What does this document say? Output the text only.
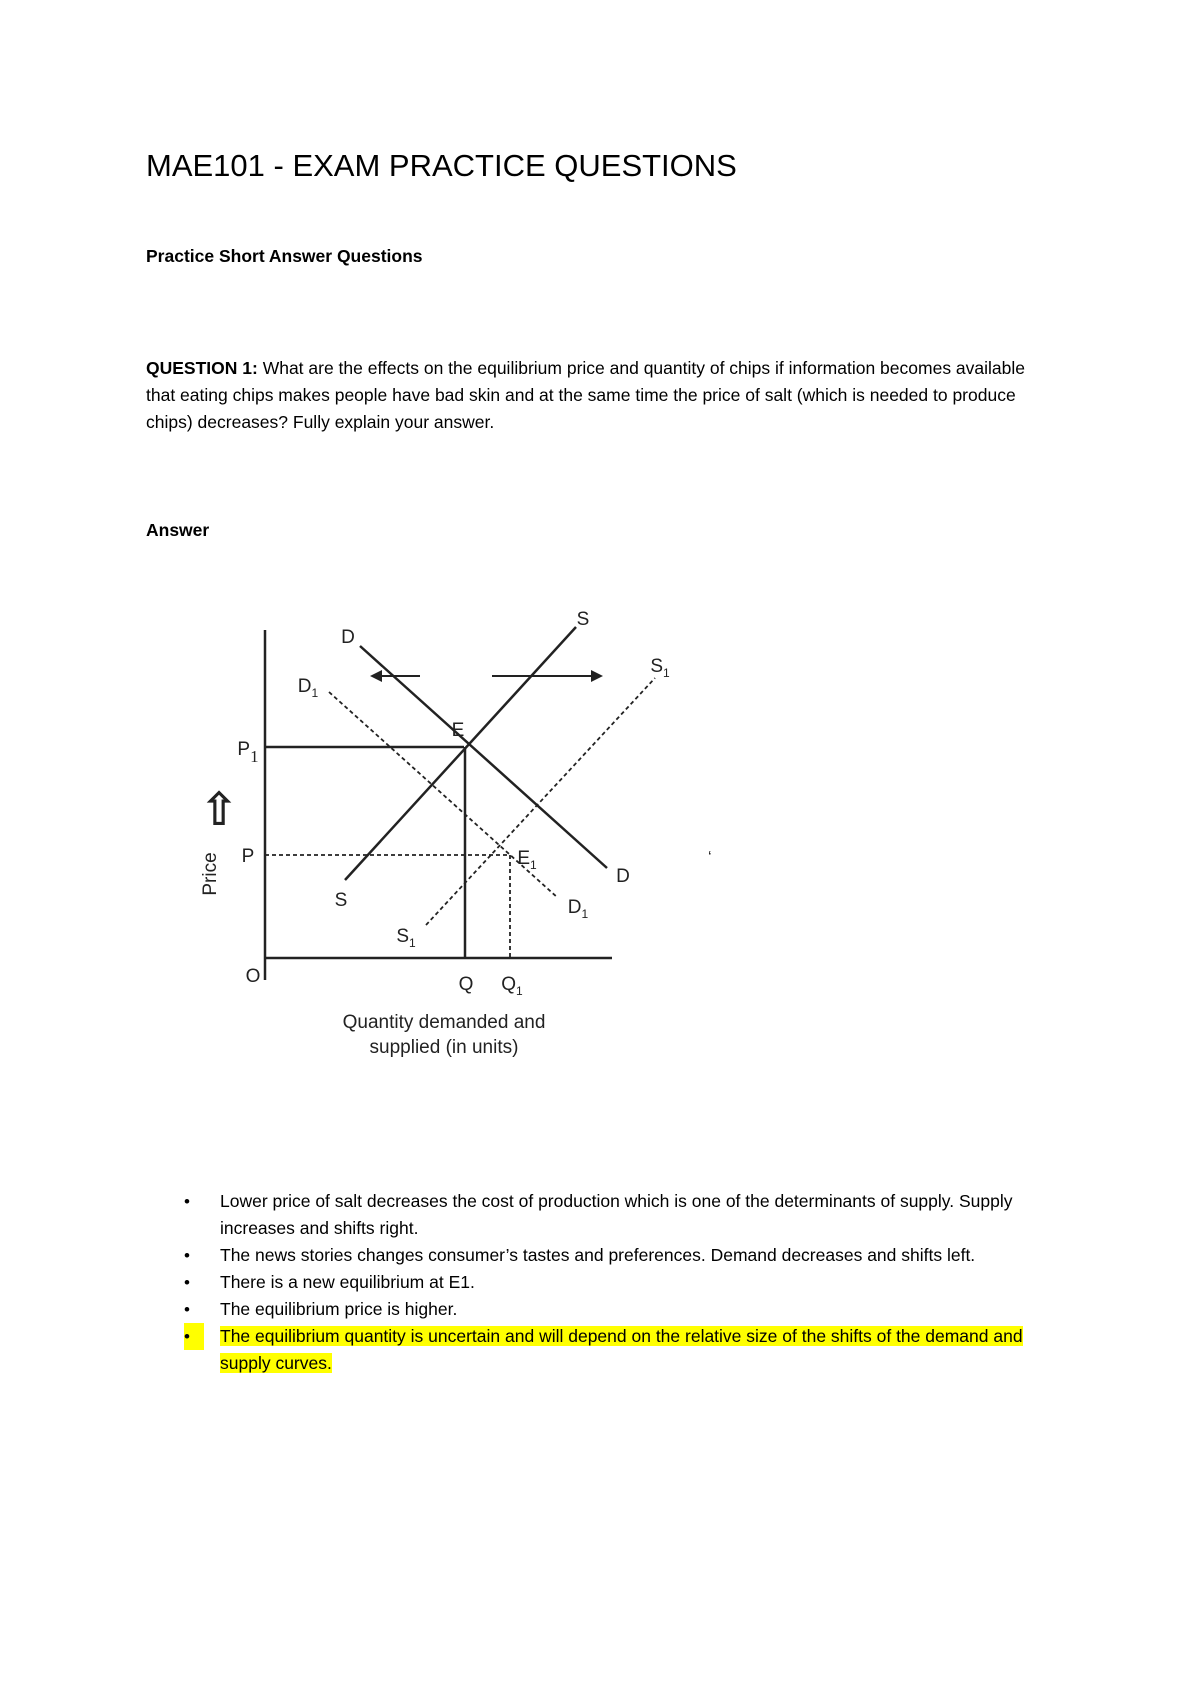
MAE101 - EXAM PRACTICE QUESTIONS
Practice Short Answer Questions

QUESTION 1: What are the effects on the equilibrium price and quantity of chips if information becomes available that eating chips makes people have bad skin and at the same time the price of salt (which is needed to produce chips) decreases? Fully explain your answer.

Answer
Price
⇧
O
P1
P
Q $Q_1$
D
D
$D_1$
$D_1$
S
S
$S_1$
$S_1$
E
$E_1$	‘
Quantity demanded and
supplied (in units)
•	Lower price of salt decreases the cost of production which is one of the determinants of supply. Supply increases and shifts right.
•	The news stories changes consumer’s tastes and preferences. Demand decreases and shifts left.
•	There is a new equilibrium at E1.
•	The equilibrium price is higher.
•	The equilibrium quantity is uncertain and will depend on the relative size of the shifts of the demand and supply curves.
